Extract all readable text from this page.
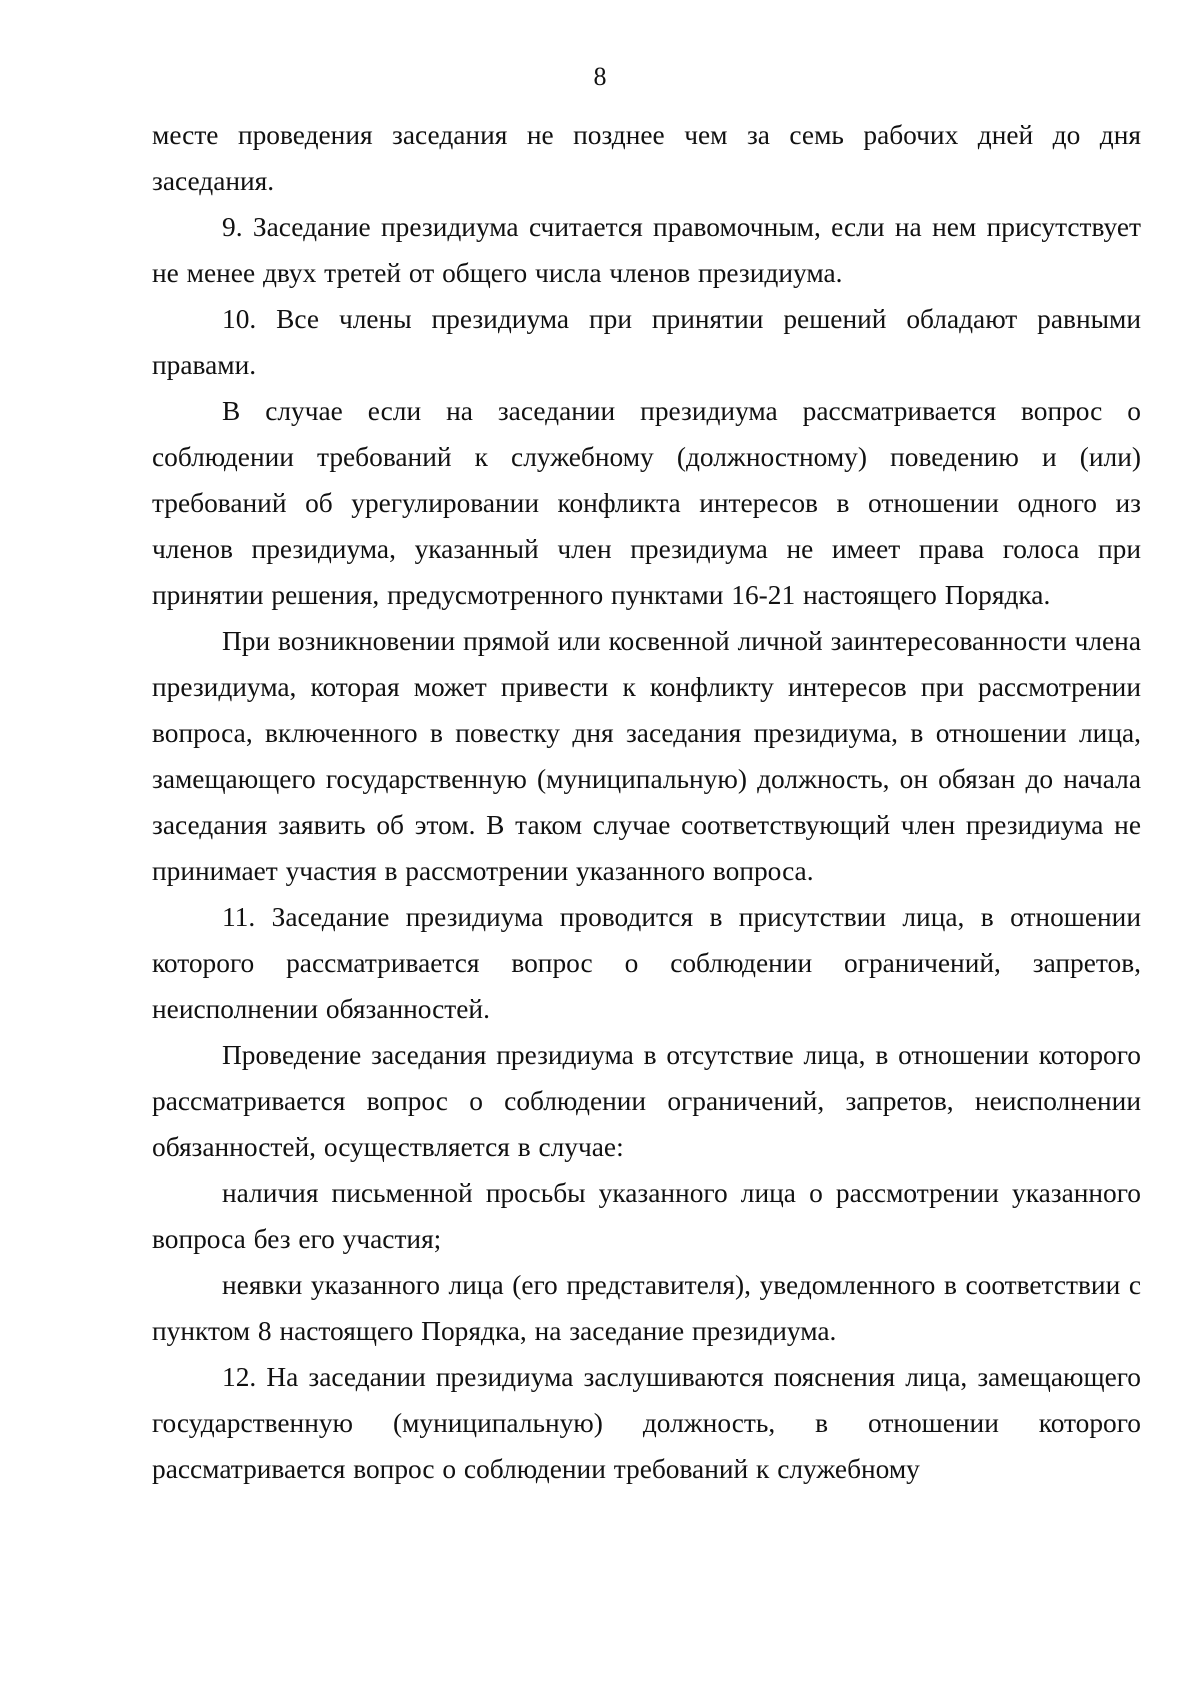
8

месте проведения заседания не позднее чем за семь рабочих дней до дня заседания.

9. Заседание президиума считается правомочным, если на нем присутствует не менее двух третей от общего числа членов президиума.

10. Все члены президиума при принятии решений обладают равными правами.

В случае если на заседании президиума рассматривается вопрос о соблюдении требований к служебному (должностному) поведению и (или) требований об урегулировании конфликта интересов в отношении одного из членов президиума, указанный член президиума не имеет права голоса при принятии решения, предусмотренного пунктами 16-21 настоящего Порядка.

При возникновении прямой или косвенной личной заинтересованности члена президиума, которая может привести к конфликту интересов при рассмотрении вопроса, включенного в повестку дня заседания президиума, в отношении лица, замещающего государственную (муниципальную) должность, он обязан до начала заседания заявить об этом. В таком случае соответствующий член президиума не принимает участия в рассмотрении указанного вопроса.

11. Заседание президиума проводится в присутствии лица, в отношении которого рассматривается вопрос о соблюдении ограничений, запретов, неисполнении обязанностей.

Проведение заседания президиума в отсутствие лица, в отношении которого рассматривается вопрос о соблюдении ограничений, запретов, неисполнении обязанностей, осуществляется в случае:

наличия письменной просьбы указанного лица о рассмотрении указанного вопроса без его участия;

неявки указанного лица (его представителя), уведомленного в соответствии с пунктом 8 настоящего Порядка, на заседание президиума.

12. На заседании президиума заслушиваются пояснения лица, замещающего государственную (муниципальную) должность, в отношении которого рассматривается вопрос о соблюдении требований к служебному
